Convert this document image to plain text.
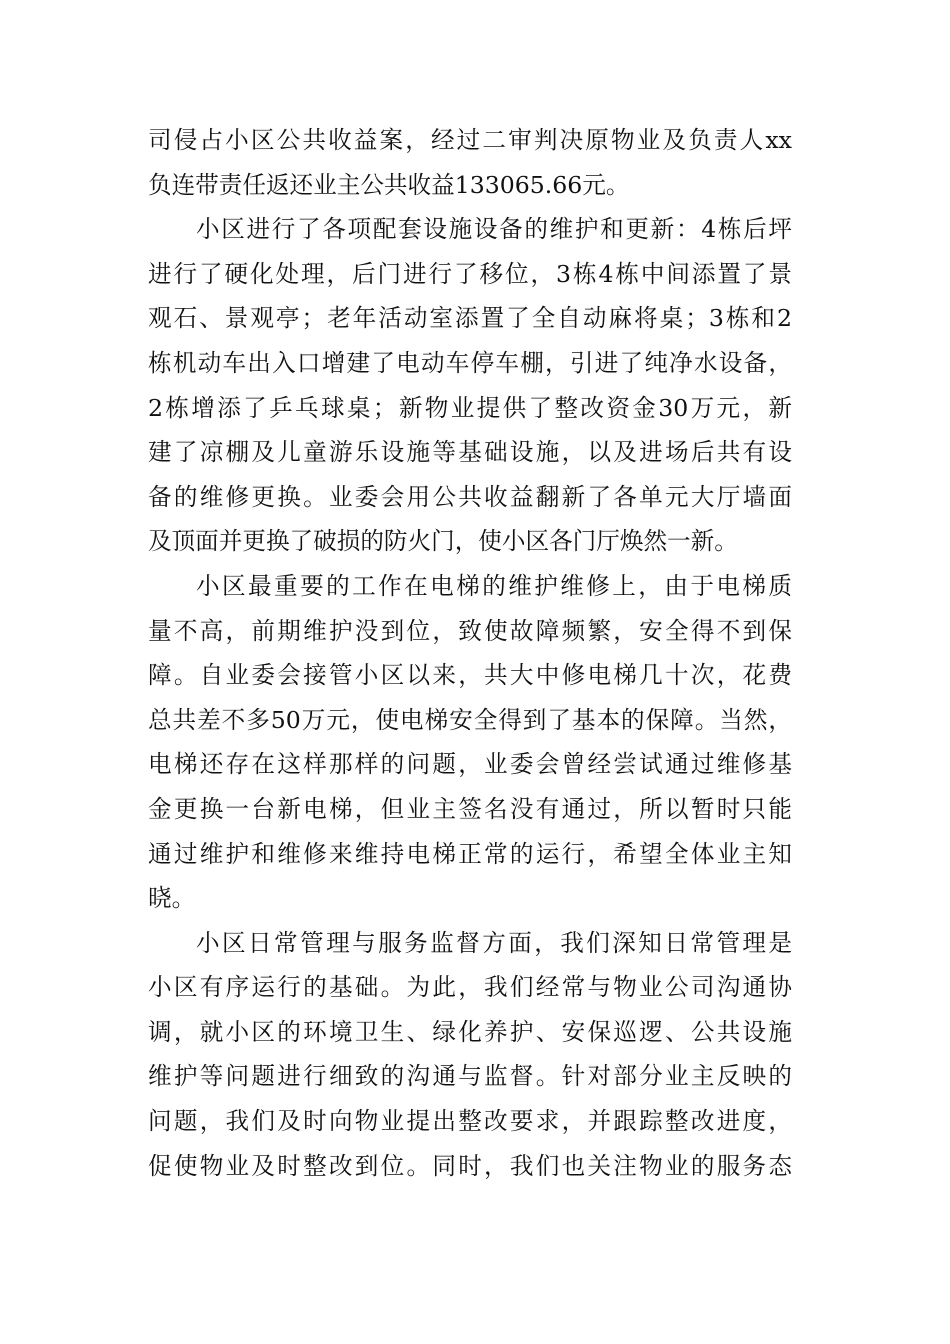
司侵占小区公共收益案，经过二审判决原物业及负责人xx
负连带责任返还业主公共收益133065.66元。
小区进行了各项配套设施设备的维护和更新：4栋后坪
进行了硬化处理，后门进行了移位，3栋4栋中间添置了景
观石、景观亭；老年活动室添置了全自动麻将桌；3栋和2
栋机动车出入口增建了电动车停车棚，引进了纯净水设备，
2栋增添了乒乓球桌；新物业提供了整改资金30万元，新
建了凉棚及儿童游乐设施等基础设施，以及进场后共有设
备的维修更换。业委会用公共收益翻新了各单元大厅墙面
及顶面并更换了破损的防火门，使小区各门厅焕然一新。
小区最重要的工作在电梯的维护维修上，由于电梯质
量不高，前期维护没到位，致使故障频繁，安全得不到保
障。自业委会接管小区以来，共大中修电梯几十次，花费
总共差不多50万元，使电梯安全得到了基本的保障。当然，
电梯还存在这样那样的问题，业委会曾经尝试通过维修基
金更换一台新电梯，但业主签名没有通过，所以暂时只能
通过维护和维修来维持电梯正常的运行，希望全体业主知
晓。
小区日常管理与服务监督方面，我们深知日常管理是
小区有序运行的基础。为此，我们经常与物业公司沟通协
调，就小区的环境卫生、绿化养护、安保巡逻、公共设施
维护等问题进行细致的沟通与监督。针对部分业主反映的
问题，我们及时向物业提出整改要求，并跟踪整改进度，
促使物业及时整改到位。同时，我们也关注物业的服务态
